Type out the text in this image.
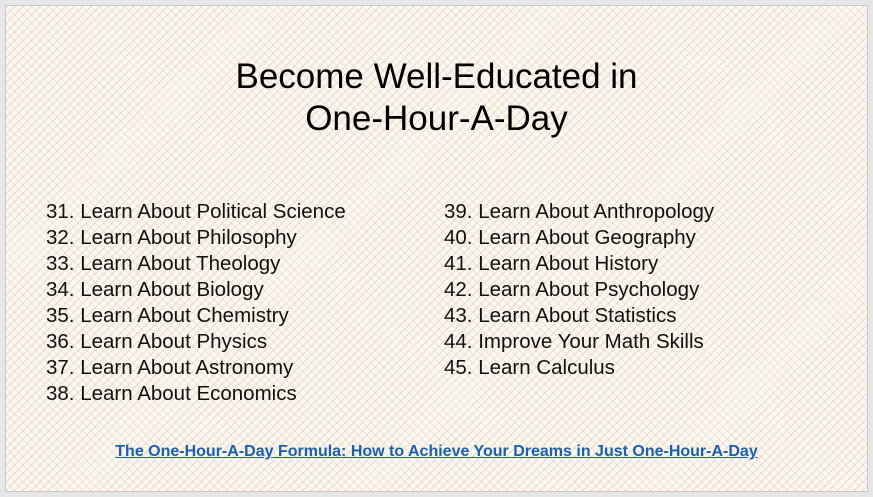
Become Well-Educated in
One-Hour-A-Day
31. Learn About Political Science
32. Learn About Philosophy
33. Learn About Theology
34. Learn About Biology
35. Learn About Chemistry
36. Learn About Physics
37. Learn About Astronomy
38. Learn About Economics
39. Learn About Anthropology
40. Learn About Geography
41. Learn About History
42. Learn About Psychology
43. Learn About Statistics
44. Improve Your Math Skills
45. Learn Calculus
The One-Hour-A-Day Formula: How to Achieve Your Dreams in Just One-Hour-A-Day
